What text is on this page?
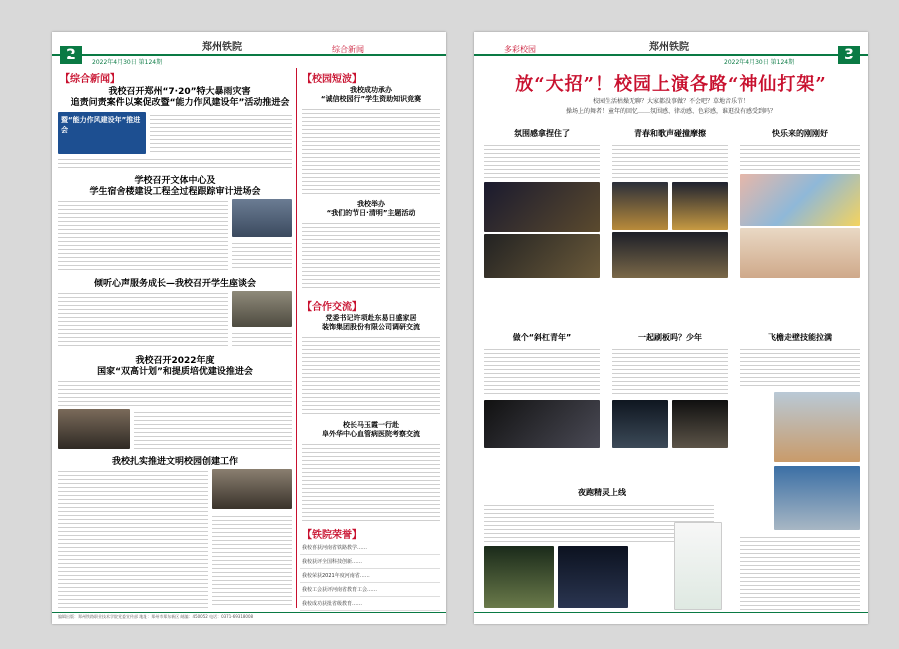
郑州铁院	综合新闻
2022年4月30日 第124期
【综合新闻】
我校召开郑州“7·20”特大暴雨灾害
追责问责案件以案促改暨“能力作风建设年”活动推进会
暨“能力作风建设年”推进会
学校召开文体中心及
学生宿舍楼建设工程全过程跟踪审计进场会
倾听心声服务成长—我校召开学生座谈会
我校召开2022年度
国家“双高计划”和提质培优建设推进会
我校扎实推进文明校园创建工作
【校园短波】
我校成功承办
“诚信校园行”学生资助知识竞赛
我校举办
“我们的节日·清明”主题活动
【合作交流】
党委书记许项赴东易日盛家居
装饰集团股份有限公司调研交流
校长马玉霞一行赴
阜外华中心血管病医院考察交流
【铁院荣誉】
我校喜获河南省铁路教学……
我校获评全国科技创新……
我校荣获2021年度河南省……
我校工会获评河南省教育工会……
我校成功获批省级教育……
编辑出版：郑州铁路职业技术学院党委宣传部 地址：郑州市郑东新区 邮编：450052 电话：0371-69318008
多彩校园	郑州铁院
2022年4月30日 第124期
放“大招”！校园上演各路“神仙打架”
校园生活枯燥无聊？大家都没事做？不会吧？草地音乐节！
操场上的舞者！童年的回忆……氛围感、律动感、色彩感，谁逛没有感受到吗？
氛围感拿捏住了	青春和歌声碰撞摩擦	快乐来的刚刚好
做个“斜杠青年”	一起刷板吗？少年	飞檐走壁技能拉满
夜跑精灵上线
